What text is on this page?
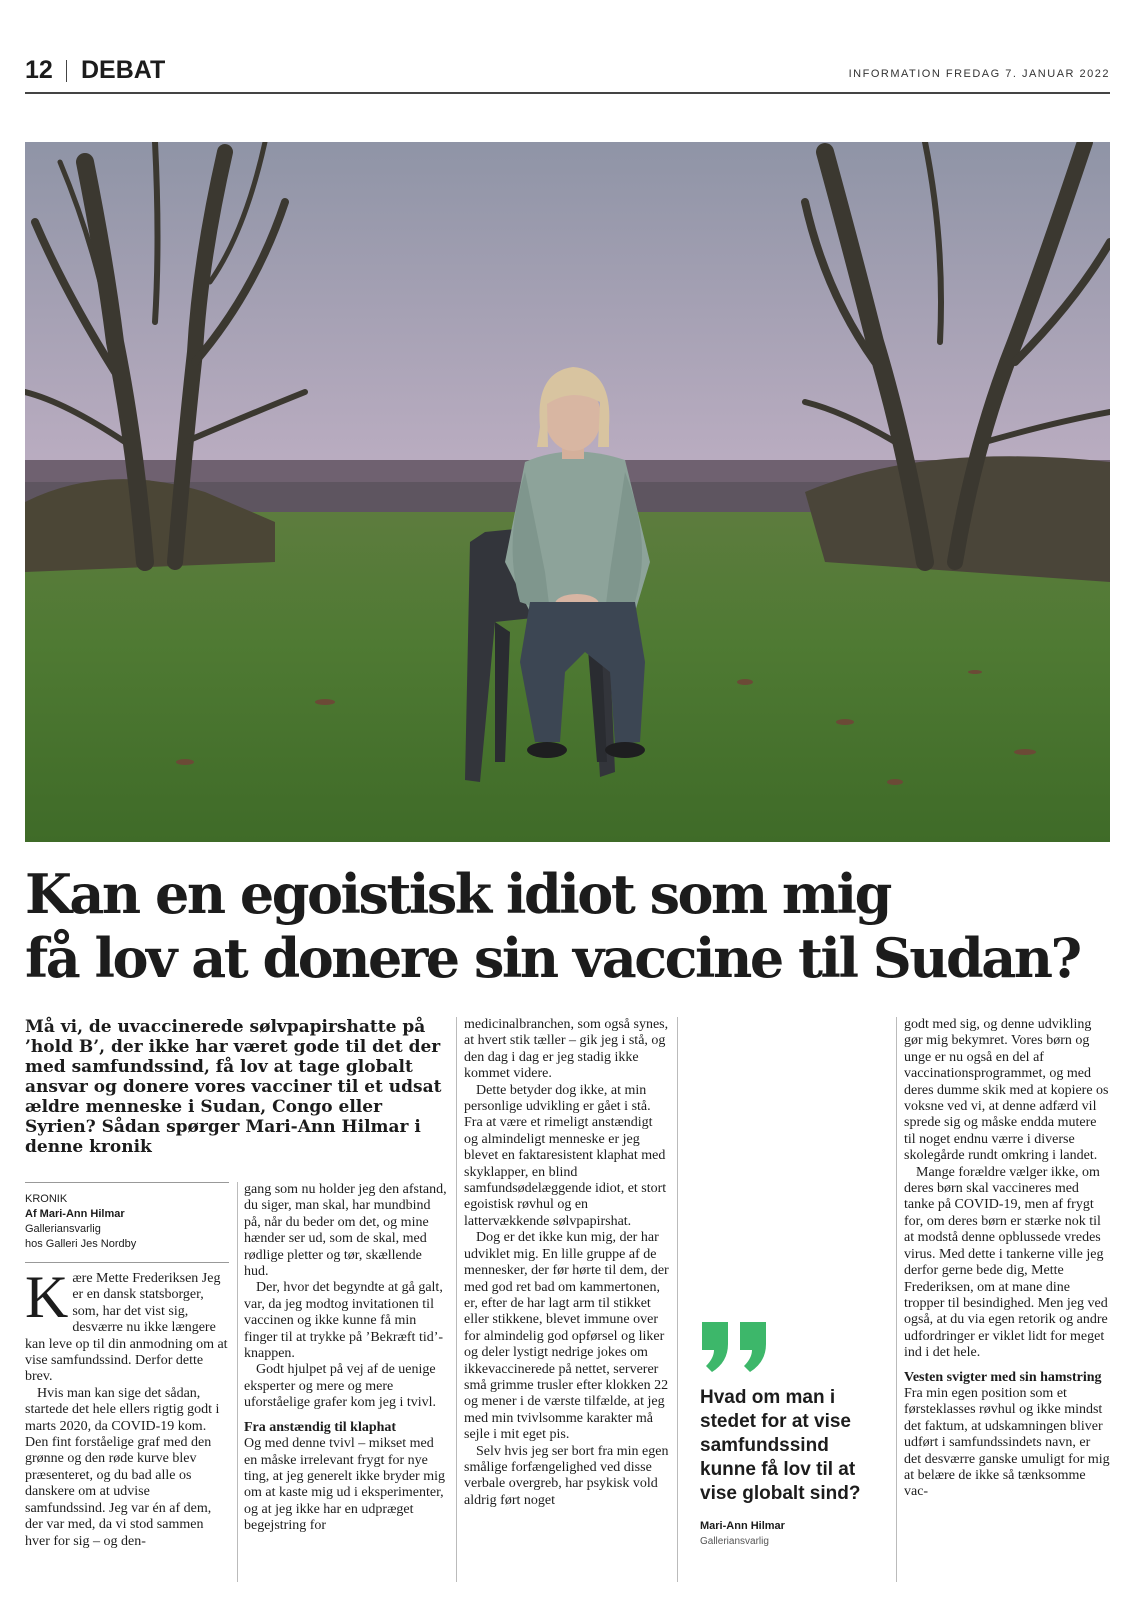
12 DEBAT	INFORMATION FREDAG 7. JANUAR 2022
Kan en egoistisk idiot som mig
få lov at donere sin vaccine til Sudan?

Må vi, de uvaccinerede sølvpapirshatte på ’hold B’, der ikke har været gode til det der med samfundssind, få lov at tage globalt ansvar og donere vores vacciner til et udsat ældre menneske i Sudan, Congo eller Syrien? Sådan spørger Mari-Ann Hilmar i denne kronik

KRONIK
Af Mari-Ann Hilmar
Galleriansvarlig
hos Galleri Jes Nordby

Kære Mette Frederiksen Jeg er en dansk statsborger, som, har det vist sig, desværre nu ikke længere kan leve op til din anmodning om at vise samfundssind. Derfor dette brev.

Hvis man kan sige det sådan, startede det hele ellers rigtig godt i marts 2020, da COVID-19 kom. Den fint forståelige graf med den grønne og den røde kurve blev præsenteret, og du bad alle os danskere om at udvise samfundssind. Jeg var én af dem, der var med, da vi stod sammen hver for sig – og den-

gang som nu holder jeg den afstand, du siger, man skal, har mundbind på, når du beder om det, og mine hænder ser ud, som de skal, med rødlige pletter og tør, skællende hud.

Der, hvor det begyndte at gå galt, var, da jeg modtog invitationen til vaccinen og ikke kunne få min finger til at trykke på ’Bekræft tid’-knappen.

Godt hjulpet på vej af de uenige eksperter og mere og mere uforståelige grafer kom jeg i tvivl.

Fra anstændig til klaphat

Og med denne tvivl – mikset med en måske irrelevant frygt for nye ting, at jeg generelt ikke bryder mig om at kaste mig ud i eksperimenter, og at jeg ikke har en udpræget begejstring for

medicinalbranchen, som også synes, at hvert stik tæller – gik jeg i stå, og den dag i dag er jeg stadig ikke kommet videre.

Dette betyder dog ikke, at min personlige udvikling er gået i stå. Fra at være et rimeligt anstændigt og almindeligt menneske er jeg blevet en faktaresistent klaphat med skyklapper, en blind samfundsødelæggende idiot, et stort egoistisk røvhul og en lattervækkende sølvpapirshat.

Dog er det ikke kun mig, der har udviklet mig. En lille gruppe af de mennesker, der før hørte til dem, der med god ret bad om kammertonen, er, efter de har lagt arm til stikket eller stikkene, blevet immune over for almindelig god opførsel og liker og deler lystigt nedrige jokes om ikkevaccinerede på nettet, serverer små grimme trusler efter klokken 22 og mener i de værste tilfælde, at jeg med min tvivlsomme karakter må sejle i mit eget pis.

Selv hvis jeg ser bort fra min egen smålige forfængelighed ved disse verbale overgreb, har psykisk vold aldrig ført noget

Hvad om man i stedet for at vise samfundssind kunne få lov til at vise globalt sind?

Mari-Ann Hilmar
Galleriansvarlig

godt med sig, og denne udvikling gør mig bekymret. Vores børn og unge er nu også en del af vaccinationsprogrammet, og med deres dumme skik med at kopiere os voksne ved vi, at denne adfærd vil sprede sig og måske endda mutere til noget endnu værre i diverse skolegårde rundt omkring i landet.

Mange forældre vælger ikke, om deres børn skal vaccineres med tanke på COVID-19, men af frygt for, om deres børn er stærke nok til at modstå denne opblussede vredes virus. Med dette i tankerne ville jeg derfor gerne bede dig, Mette Frederiksen, om at mane dine tropper til besindighed. Men jeg ved også, at du via egen retorik og andre udfordringer er viklet lidt for meget ind i det hele.

Vesten svigter med sin hamstring

Fra min egen position som et førsteklasses røvhul og ikke mindst det faktum, at udskamningen bliver udført i samfundssindets navn, er det desværre ganske umuligt for mig at belære de ikke så tænksomme vac-
